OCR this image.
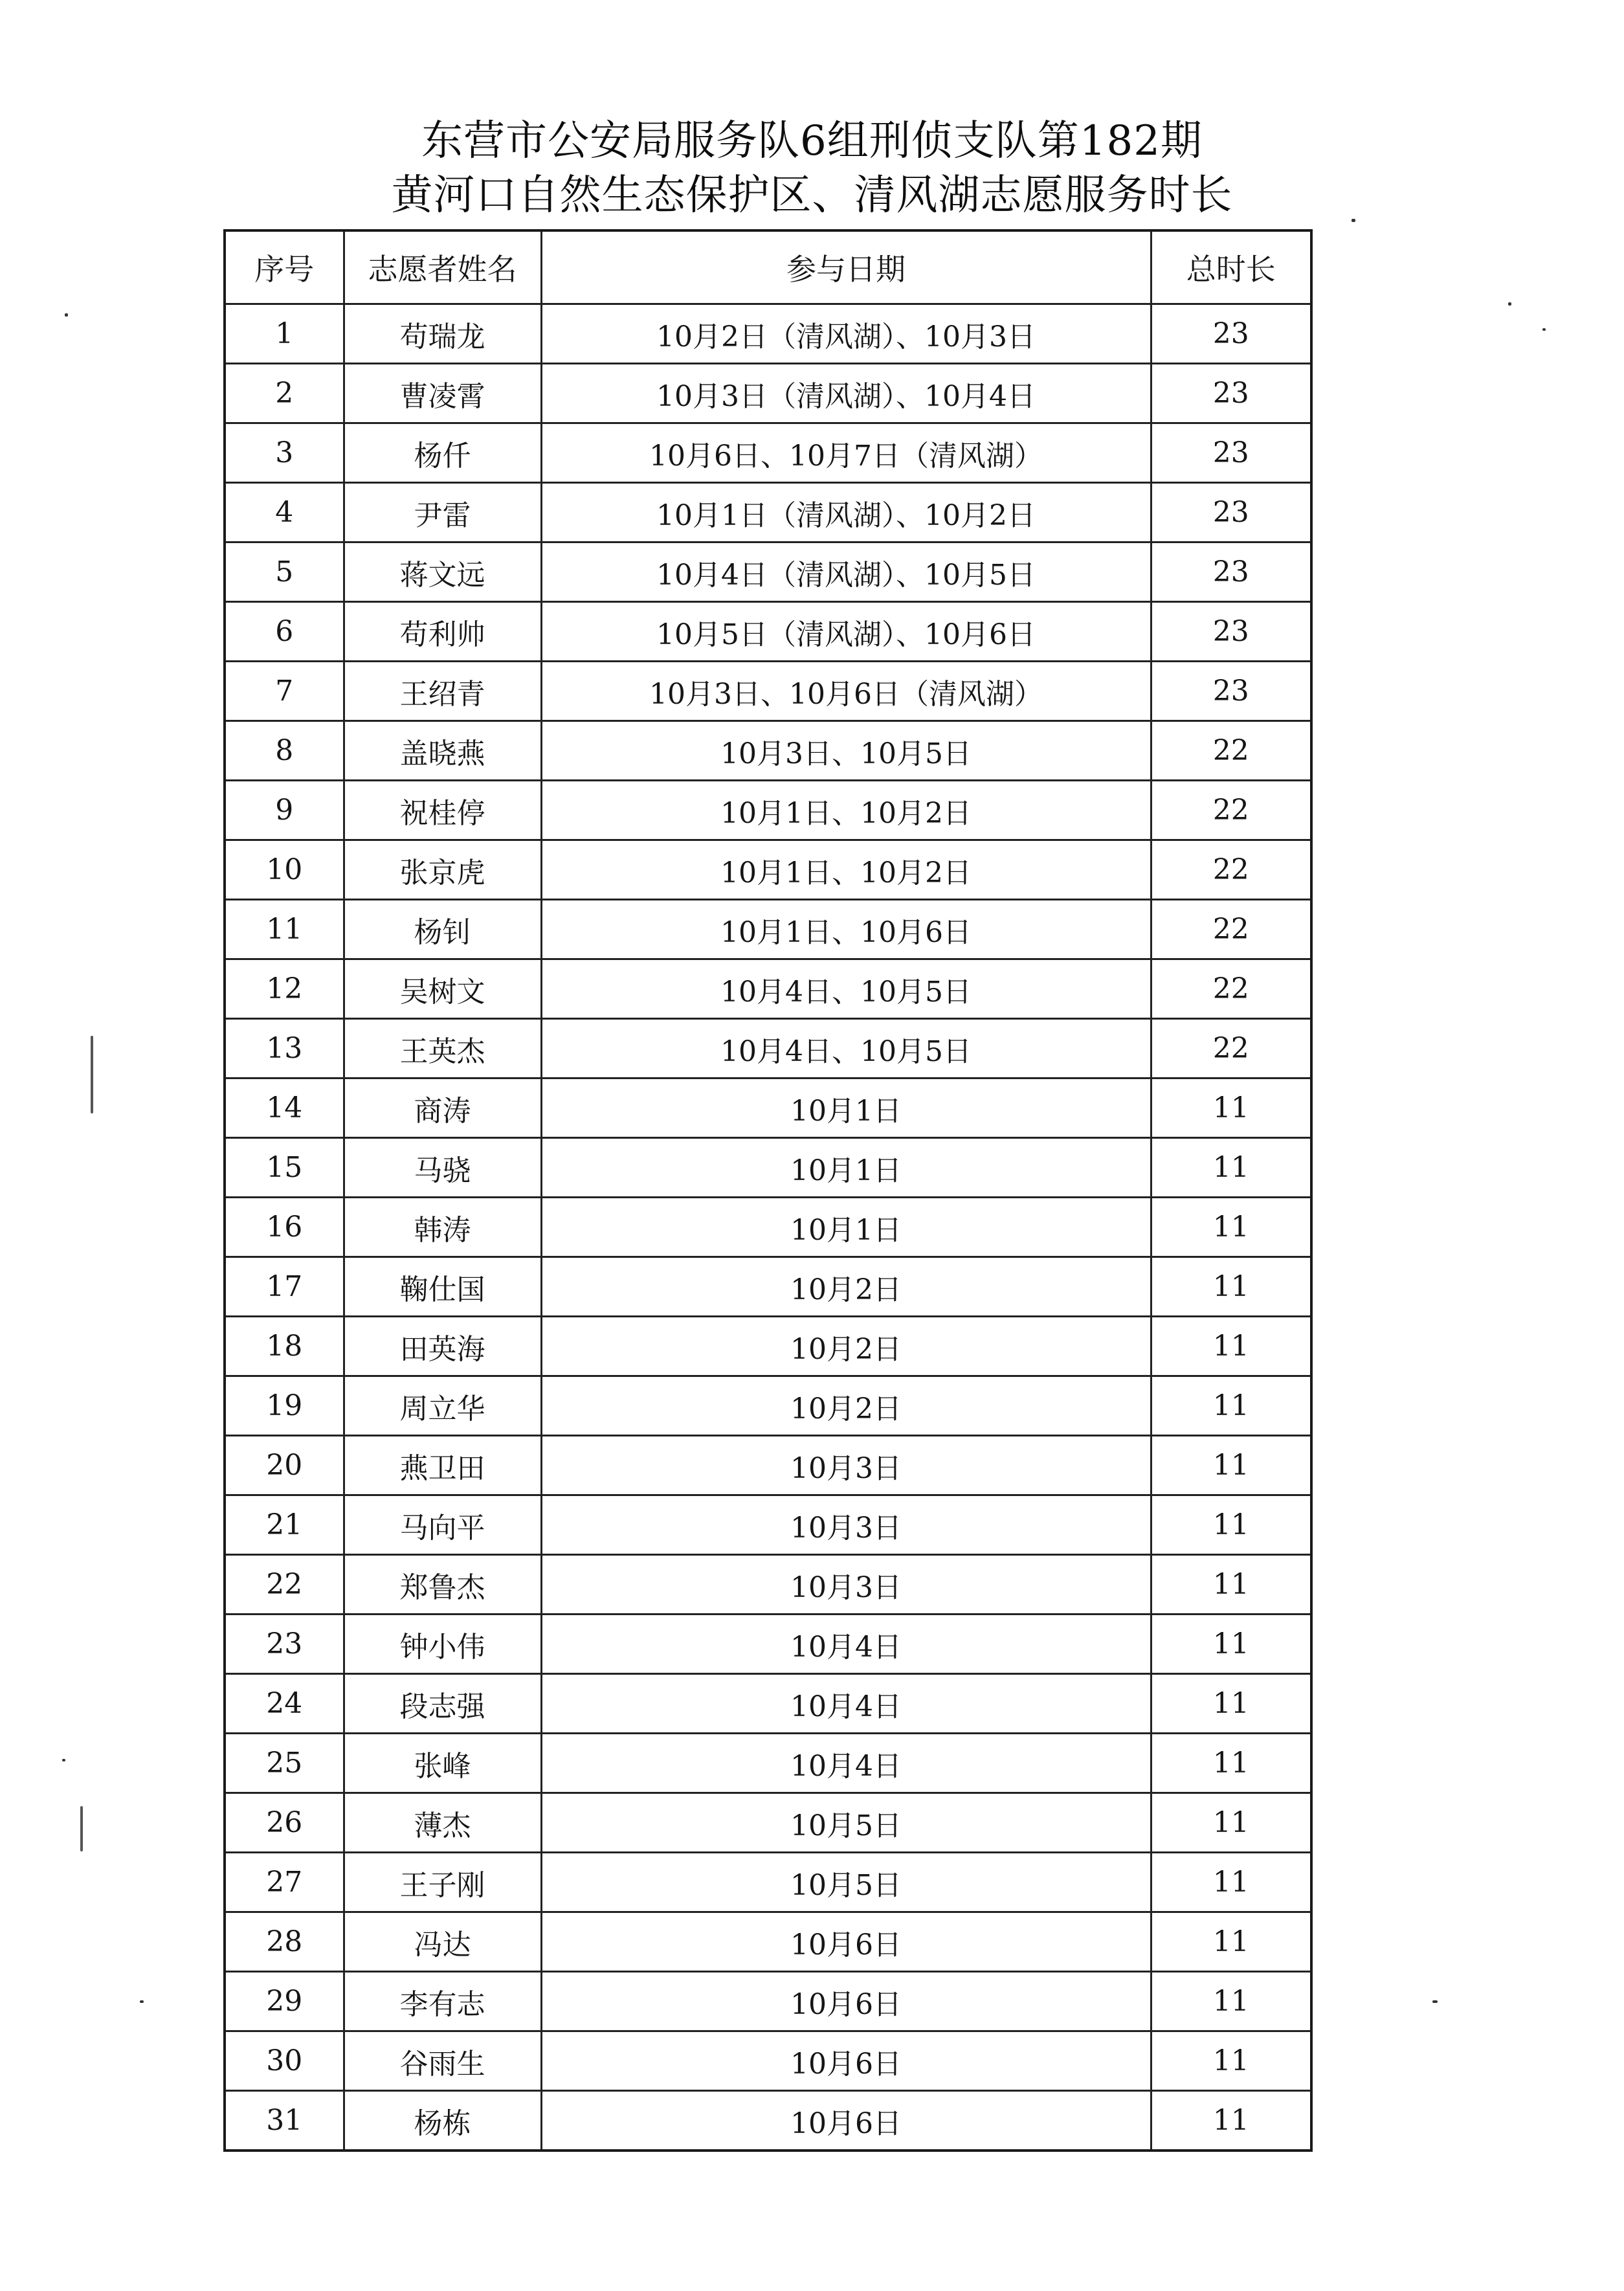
东营市公安局服务队6组刑侦支队第182期
黄河口自然生态保护区、清风湖志愿服务时长
序号	志愿者姓名	参与日期	总时长
1	苟瑞龙	10月2日（清风湖）、10月3日	23
2	曹凌霄	10月3日（清风湖）、10月4日	23
3	杨仟	10月6日、10月7日（清风湖）	23
4	尹雷	10月1日（清风湖）、10月2日	23
5	蒋文远	10月4日（清风湖）、10月5日	23
6	苟利帅	10月5日（清风湖）、10月6日	23
7	王绍青	10月3日、10月6日（清风湖）	23
8	盖晓燕	10月3日、10月5日	22
9	祝桂停	10月1日、10月2日	22
10	张京虎	10月1日、10月2日	22
11	杨钊	10月1日、10月6日	22
12	吴树文	10月4日、10月5日	22
13	王英杰	10月4日、10月5日	22
14	商涛	10月1日	11
15	马骁	10月1日	11
16	韩涛	10月1日	11
17	鞠仕国	10月2日	11
18	田英海	10月2日	11
19	周立华	10月2日	11
20	燕卫田	10月3日	11
21	马向平	10月3日	11
22	郑鲁杰	10月3日	11
23	钟小伟	10月4日	11
24	段志强	10月4日	11
25	张峰	10月4日	11
26	薄杰	10月5日	11
27	王子刚	10月5日	11
28	冯达	10月6日	11
29	李有志	10月6日	11
30	谷雨生	10月6日	11
31	杨栋	10月6日	11
